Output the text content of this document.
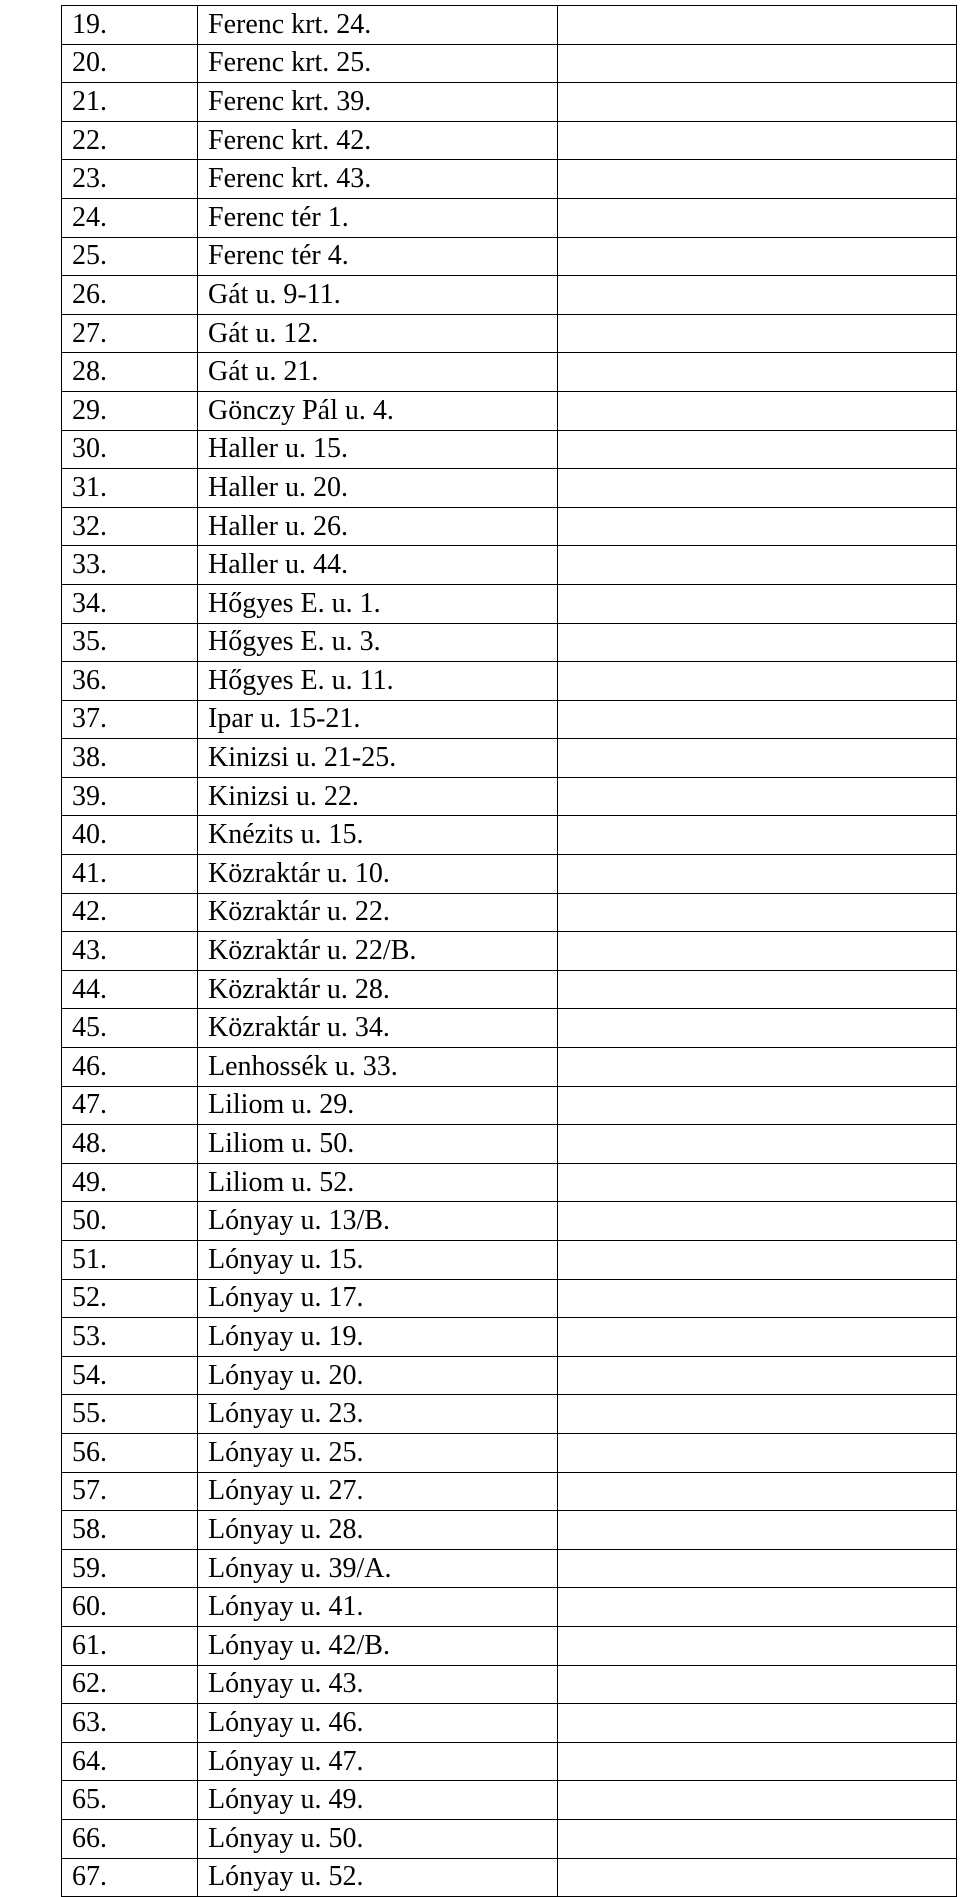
19.	Ferenc krt. 24.	
20.	Ferenc krt. 25.	
21.	Ferenc krt. 39.	
22.	Ferenc krt. 42.	
23.	Ferenc krt. 43.	
24.	Ferenc tér 1.	
25.	Ferenc tér 4.	
26.	Gát u. 9-11.	
27.	Gát u. 12.	
28.	Gát u. 21.	
29.	Gönczy Pál u. 4.	
30.	Haller u. 15.	
31.	Haller u. 20.	
32.	Haller u. 26.	
33.	Haller u. 44.	
34.	Hőgyes E. u. 1.	
35.	Hőgyes E. u. 3.	
36.	Hőgyes E. u. 11.	
37.	Ipar u. 15-21.	
38.	Kinizsi u. 21-25.	
39.	Kinizsi u. 22.	
40.	Knézits u. 15.	
41.	Közraktár u. 10.	
42.	Közraktár u. 22.	
43.	Közraktár u. 22/B.	
44.	Közraktár u. 28.	
45.	Közraktár u. 34.	
46.	Lenhossék u. 33.	
47.	Liliom u. 29.	
48.	Liliom u. 50.	
49.	Liliom u. 52.	
50.	Lónyay u. 13/B.	
51.	Lónyay u. 15.	
52.	Lónyay u. 17.	
53.	Lónyay u. 19.	
54.	Lónyay u. 20.	
55.	Lónyay u. 23.	
56.	Lónyay u. 25.	
57.	Lónyay u. 27.	
58.	Lónyay u. 28.	
59.	Lónyay u. 39/A.	
60.	Lónyay u. 41.	
61.	Lónyay u. 42/B.	
62.	Lónyay u. 43.	
63.	Lónyay u. 46.	
64.	Lónyay u. 47.	
65.	Lónyay u. 49.	
66.	Lónyay u. 50.	
67.	Lónyay u. 52.	
